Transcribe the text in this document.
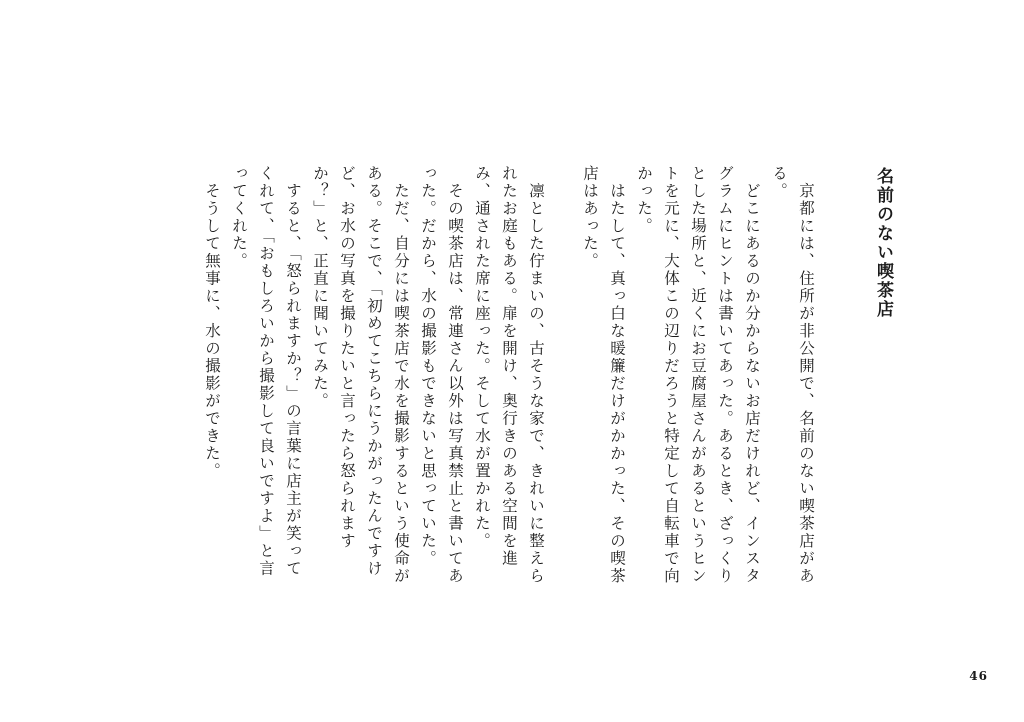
名前のない喫茶店

　京都には、住所が非公開で、名前のない喫茶店がある。

　どこにあるのか分からないお店だけれど、インスタグラムにヒントは書いてあった。あるとき、ざっくりとした場所と、近くにお豆腐屋さんがあるというヒントを元に、大体この辺りだろうと特定して自転車で向かった。

　はたして、真っ白な暖簾だけがかかった、その喫茶店はあった。

　凛とした佇まいの、古そうな家で、きれいに整えられたお庭もある。扉を開け、奥行きのある空間を進み、通された席に座った。そして水が置かれた。

　その喫茶店は、常連さん以外は写真禁止と書いてあった。だから、水の撮影もできないと思っていた。

　ただ、自分には喫茶店で水を撮影するという使命がある。そこで、「初めてこちらにうかがったんですけど、お水の写真を撮りたいと言ったら怒られますか？」と、正直に聞いてみた。

　すると、「怒られますか？」の言葉に店主が笑ってくれて、「おもしろいから撮影して良いですよ」と言ってくれた。

　そうして無事に、水の撮影ができた。

46
